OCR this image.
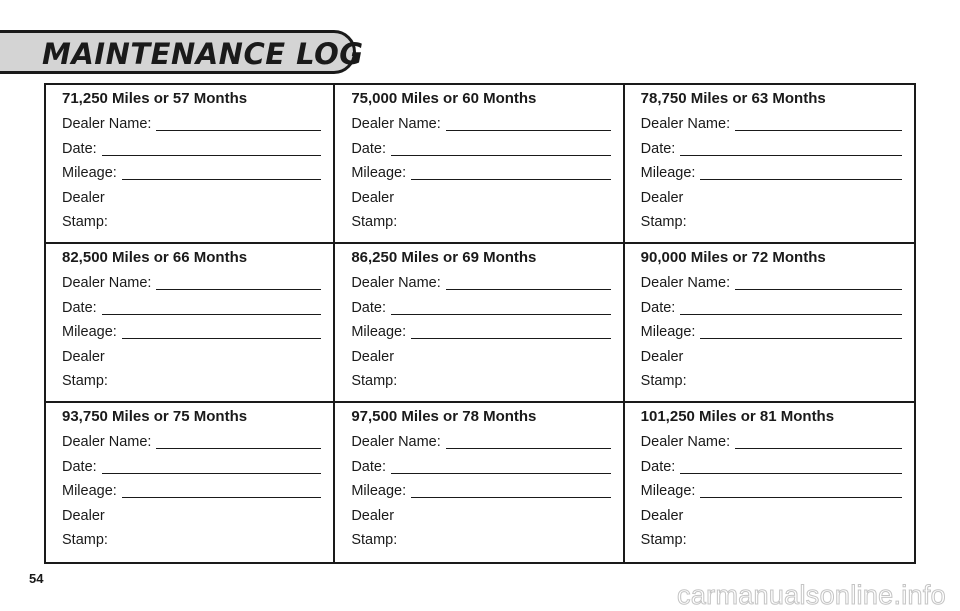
MAINTENANCE LOG
71,250 Miles or 57 Months
Dealer Name:
Date:
Mileage:
Dealer
Stamp:
75,000 Miles or 60 Months
Dealer Name:
Date:
Mileage:
Dealer
Stamp:
78,750 Miles or 63 Months
Dealer Name:
Date:
Mileage:
Dealer
Stamp:
82,500 Miles or 66 Months
Dealer Name:
Date:
Mileage:
Dealer
Stamp:
86,250 Miles or 69 Months
Dealer Name:
Date:
Mileage:
Dealer
Stamp:
90,000 Miles or 72 Months
Dealer Name:
Date:
Mileage:
Dealer
Stamp:
93,750 Miles or 75 Months
Dealer Name:
Date:
Mileage:
Dealer
Stamp:
97,500 Miles or 78 Months
Dealer Name:
Date:
Mileage:
Dealer
Stamp:
101,250 Miles or 81 Months
Dealer Name:
Date:
Mileage:
Dealer
Stamp:
54
carmanualsonline.info
